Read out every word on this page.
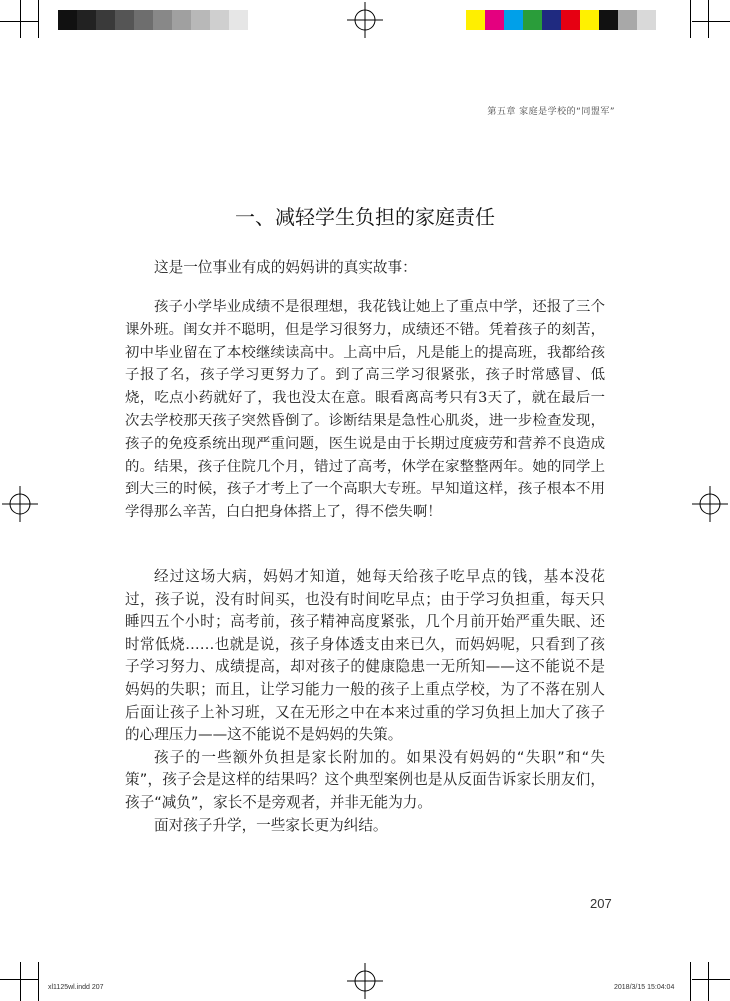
第五章 家庭是学校的“同盟军”
一、减轻学生负担的家庭责任

这是一位事业有成的妈妈讲的真实故事：

孩子小学毕业成绩不是很理想，我花钱让她上了重点中学，还报了三个课外班。闺女并不聪明，但是学习很努力，成绩还不错。凭着孩子的刻苦，初中毕业留在了本校继续读高中。上高中后，凡是能上的提高班，我都给孩子报了名，孩子学习更努力了。到了高三学习很紧张，孩子时常感冒、低烧，吃点小药就好了，我也没太在意。眼看离高考只有3天了，就在最后一次去学校那天孩子突然昏倒了。诊断结果是急性心肌炎，进一步检查发现，孩子的免疫系统出现严重问题，医生说是由于长期过度疲劳和营养不良造成的。结果，孩子住院几个月，错过了高考，休学在家整整两年。她的同学上到大三的时候，孩子才考上了一个高职大专班。早知道这样，孩子根本不用学得那么辛苦，白白把身体搭上了，得不偿失啊！

经过这场大病，妈妈才知道，她每天给孩子吃早点的钱，基本没花过，孩子说，没有时间买，也没有时间吃早点；由于学习负担重，每天只睡四五个小时；高考前，孩子精神高度紧张，几个月前开始严重失眠、还时常低烧……也就是说，孩子身体透支由来已久，而妈妈呢，只看到了孩子学习努力、成绩提高，却对孩子的健康隐患一无所知——这不能说不是妈妈的失职；而且，让学习能力一般的孩子上重点学校，为了不落在别人后面让孩子上补习班，又在无形之中在本来过重的学习负担上加大了孩子的心理压力——这不能说不是妈妈的失策。

孩子的一些额外负担是家长附加的。如果没有妈妈的“失职”和“失策”，孩子会是这样的结果吗？这个典型案例也是从反面告诉家长朋友们，孩子“减负”，家长不是旁观者，并非无能为力。

面对孩子升学，一些家长更为纠结。

207
xl1125wl.indd 207	2018/3/15 15:04:04
